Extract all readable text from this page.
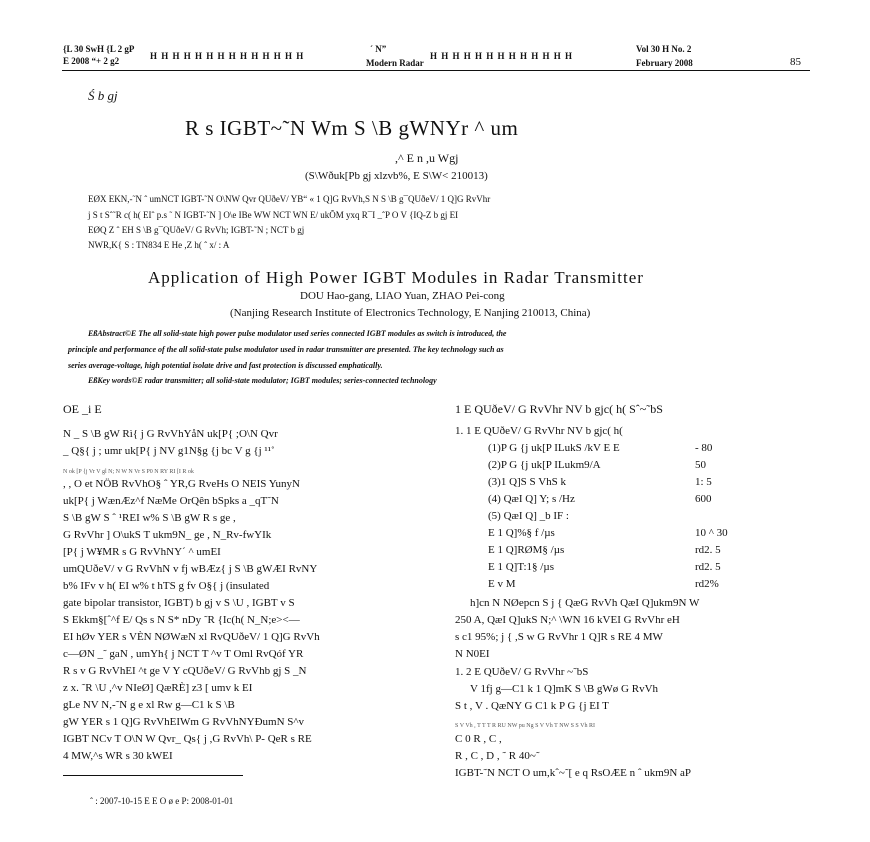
{L 30 SwH {L 2 gP
E 2008 “+ 2 g2	H H H H H H H H H H H H H H
´ N”
Modern Radar
H H H H H H H H H H H H H
Vol 30 H No. 2
February 2008	85
Ś b gj
R s IGBT~˜N Wm S \B gWNYr ^ um
,^ E n ,u Wgj
(S\Wðuk[Pb gj xlzvb%, E S\W< 210013)
EØX EKN,-˜N ˆ umNCT IGBT-˜N O\NW Qvr QUðeV/ YB“ « 1 Q]G RvVh,S N S \B g¯QUðeV/ 1 Q]G RvVhr
j S t Sˆ˜R c( h( EIˆ p.s ˜ N IGBT-˜N ] O\e IBe WW NCT WN E/ ukÕM yxq R¯I _ˆP O V {IQ-Z b gj EI
EØQ Z ˆ EH S \B g¯QUðeV/ G RvVh; IGBT-˜N ; NCT b gj
NWR,K{ S : TN834 E He ,Z h( ˆ x/ : A
Application of High Power IGBT Modules in Radar Transmitter
DOU Hao-gang, LIAO Yuan, ZHAO Pei-cong
(Nanjing Research Institute of Electronics Technology, E Nanjing 210013, China)
EßAbstract©E The all solid-state high power pulse modulator used series connected IGBT modules as switch is introduced, the
principle and performance of the all solid-state pulse modulator used in radar transmitter are presented. The key technology such as
series average-voltage, high potential isolate drive and fast protection is discussed emphatically.
EßKey words©E radar transmitter; all solid-state modulator; IGBT modules; series-connected technology
OE _i E
N _ S \B gW Rì{ j G RvVhYåN uk[P{ ;O\N Qvr
_ Q§{ j ; umr uk[P{ j NV g1N§g {j bc V g {j ¹¹˚
N ok [P {j Vr V gl N; N W N Vr S P0 N RY RI [I R ok
, , O et NÖB RvVhO§ ˆ YR,G RveHs O NEIS YunyN
uk[P{ j WænÆz^f NæMe OrQên bSpks a _qT˜N
S \B gW S ˆ ¹REI w% S \B gW R s ge ,
G RvVhr ] O\ukS T ukm9N_ ge , N_Rv-fwYIk
[P{ j W¥MR s G RvVhNY´ ^ umEI
umQUðeV/ v G RvVhN v fj wBÆz{ j S \B gWÆI RvNY
b% IFv v h( EI w% t hTS g fv O§{ j (insulated
gate bipolar transistor, IGBT) b gj v S \U , IGBT v S
S Ekkm§[ˆ^f E/ Qs s N S* nDy ˜R {Ic(h( N_N;e><—
EI hØv YER s VÈN NØWæN xl RvQUðeV/ 1 Q]G RvVh
c—ØN _˜ gaN , umYh{ j NCT T ^v T Oml RvQóf YR
R s v G RvVhEI ^t ge V Y cQUðeV/ G RvVhb gj S _N
z x. ˜R \U ,^v NIeØ] QæRÈ] z3 [ umv k EI
gLe NV N,-˜N g e xl Rw g—C1 k S \B
gW YER s 1 Q]G RvVhEIWm G RvVhNYÐumN S^v
IGBT NCv T O\N W Qvr_ Qs{ j ,G RvVh\ P- QeR s RE
4 MW,^s WR s 30 kWEI
ˆ : 2007-10-15 E E O ø e P: 2008-01-01
1 E QUðeV/ G RvVhr NV b gjc( h( Sˆ~˜bS
1. 1 E QUðeV/ G RvVhr NV b gjc( h(
(1)P G {j uk[P ILukS /kV E E	- 80
(2)P G {j uk[P ILukm9/A	50
(3)1 Q]S S VhS k	1: 5
(4) QæI Q] Y; s /Hz	600
(5) QæI Q] _b IF :
E 1 Q]%§ f /µs	10 ^ 30
E 1 Q]RØM§ /µs	rd2. 5
E 1 Q]T:1§ /µs	rd2. 5
E v M	rd2%
h]cn N NØepcn S j { QæG RvVh QæI Q]ukm9N W
250 A, QæI Q]ukS N;^ \WN 16 kVEI G RvVhr eH
s c1 95%; j { ,S w G RvVhr 1 Q]R s RE 4 MW
N N0EI
1. 2 E QUðeV/ G RvVhr ~˜bS
V 1fj g—C1 k 1 Q]mK S \B gWø G RvVh
S t , V . QæNY G C1 k P G {j EI T
S V Vh , T T T R RU NW pu Ng S V Vh T NW S S Vh RI
C 0 R , C ,
R , C , D , ˜ R 40~˜
IGBT-˜N NCT O um,kˆ~˜[ e q RsOÆE n ˆ ukm9N aP
